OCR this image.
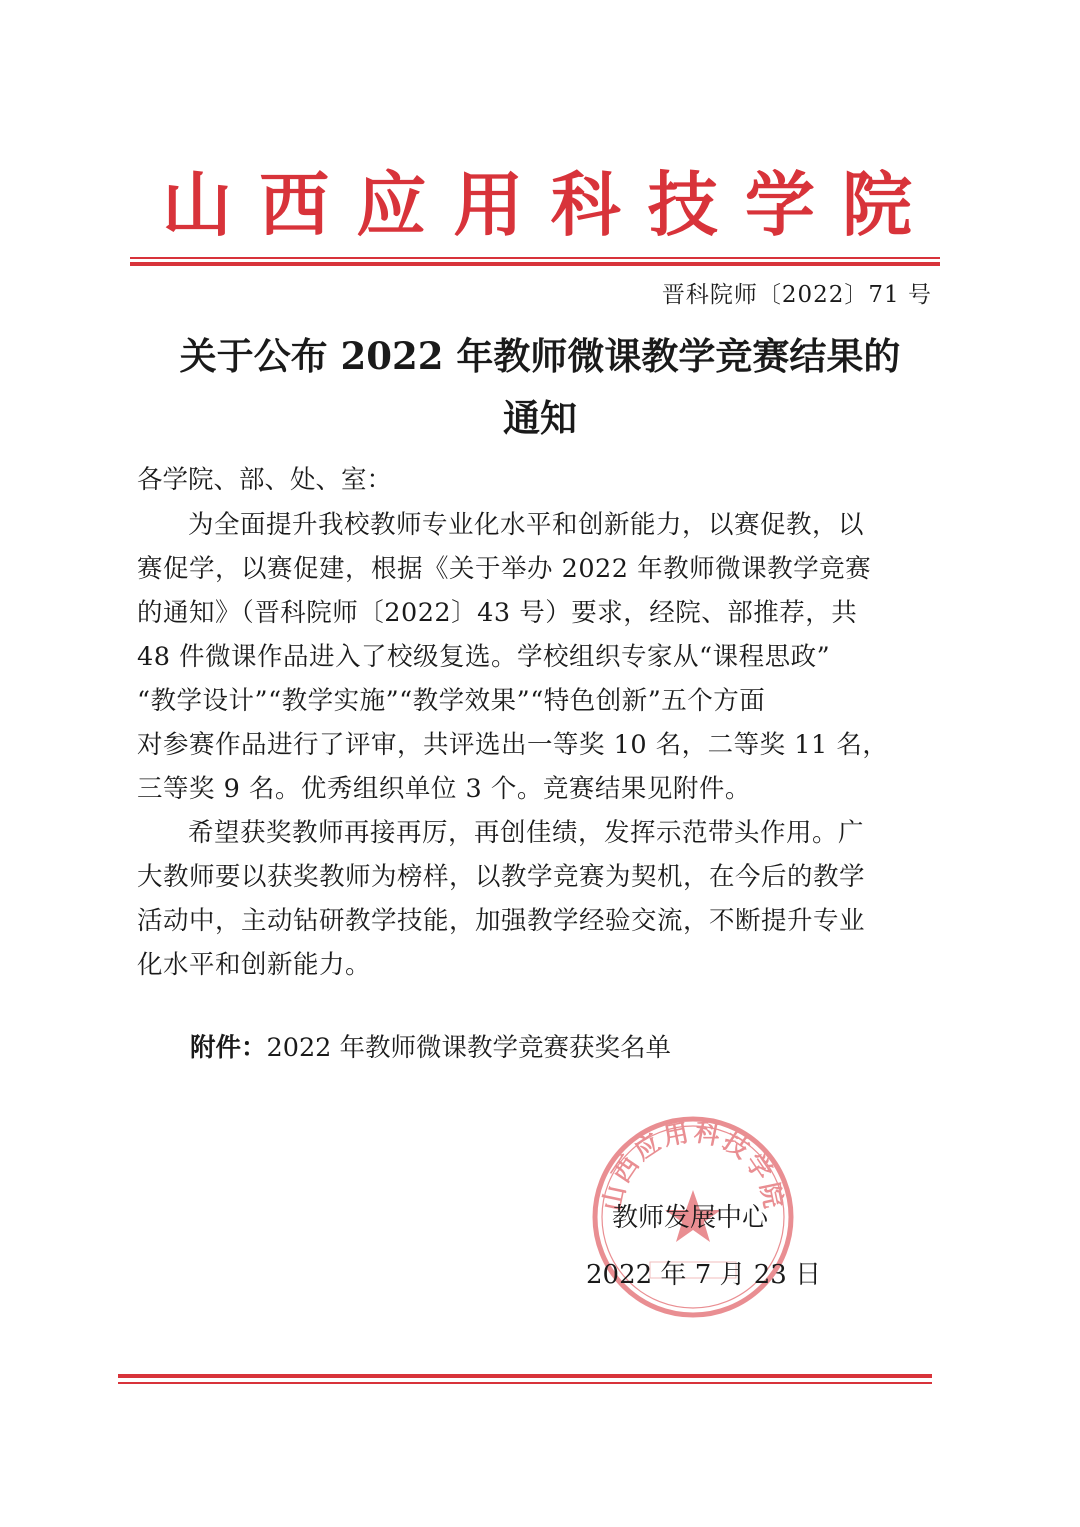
山 西 应 用 科 技 学 院
晋科院师〔2022〕71 号
关于公布 2022 年教师微课教学竞赛结果的
通知
各学院、部、处、室：
为全面提升我校教师专业化水平和创新能力，以赛促教，以
赛促学，以赛促建，根据《关于举办 2022 年教师微课教学竞赛
的通知》（晋科院师〔2022〕43 号）要求，经院、部推荐，共
48 件微课作品进入了校级复选。学校组织专家从“课程思政”
“教学设计”“教学实施”“教学效果”“特色创新”五个方面
对参赛作品进行了评审，共评选出一等奖 10 名，二等奖 11 名，
三等奖 9 名。优秀组织单位 3 个。竞赛结果见附件。
希望获奖教师再接再厉，再创佳绩，发挥示范带头作用。广
大教师要以获奖教师为榜样，以教学竞赛为契机，在今后的教学
活动中，主动钻研教学技能，加强教学经验交流，不断提升专业
化水平和创新能力。
附件：2022 年教师微课教学竞赛获奖名单
山西应用科技学院
教师发展中心
2022 年 7 月 23 日
